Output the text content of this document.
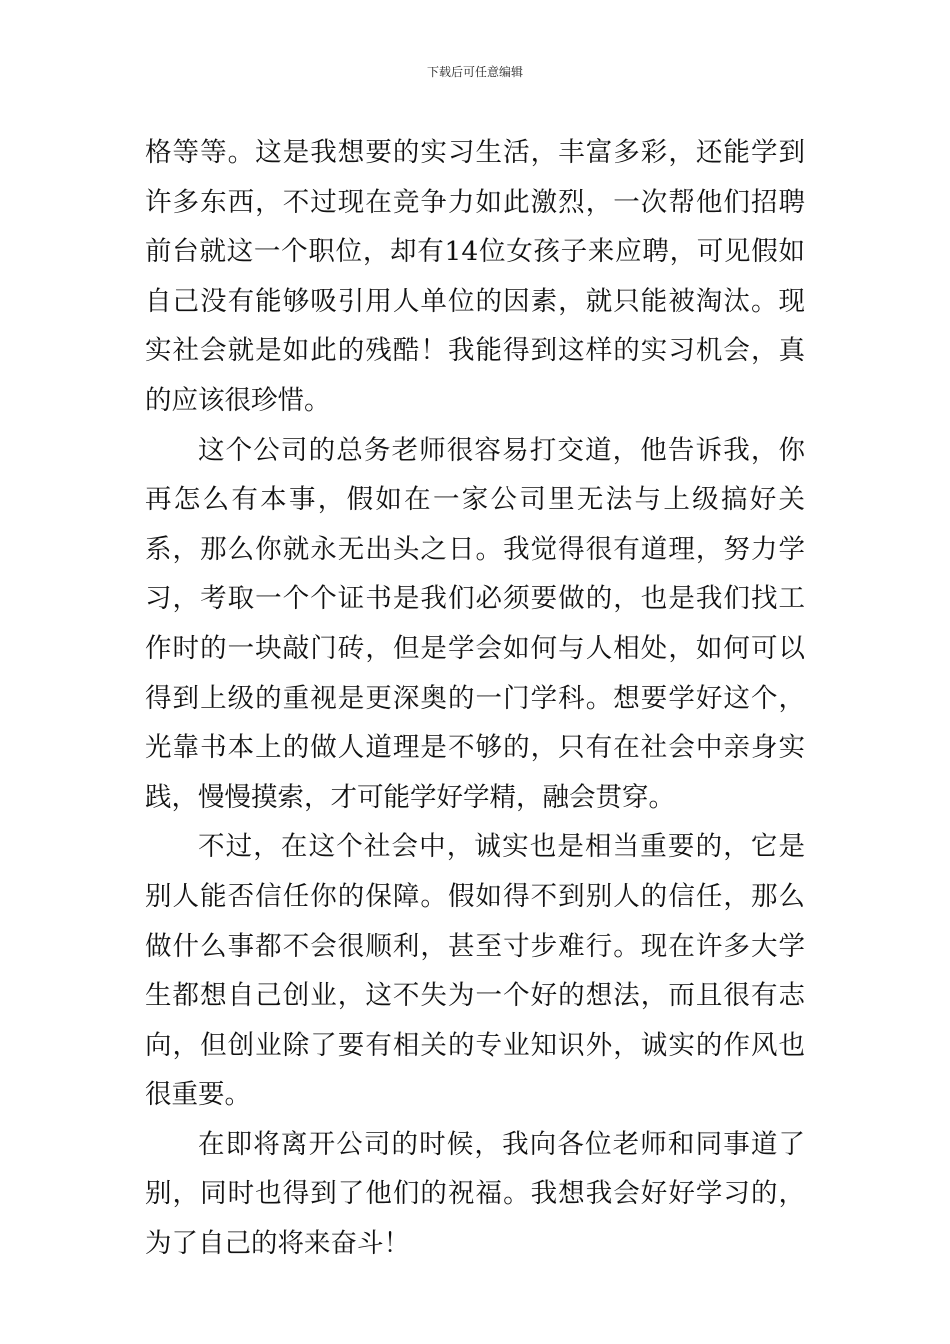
下载后可任意编辑

格等等。这是我想要的实习生活，丰富多彩，还能学到许多东西，不过现在竞争力如此激烈，一次帮他们招聘前台就这一个职位，却有14位女孩子来应聘，可见假如自己没有能够吸引用人单位的因素，就只能被淘汰。现实社会就是如此的残酷！我能得到这样的实习机会，真的应该很珍惜。

这个公司的总务老师很容易打交道，他告诉我，你再怎么有本事，假如在一家公司里无法与上级搞好关系，那么你就永无出头之日。我觉得很有道理，努力学习，考取一个个证书是我们必须要做的，也是我们找工作时的一块敲门砖，但是学会如何与人相处，如何可以得到上级的重视是更深奥的一门学科。想要学好这个，光靠书本上的做人道理是不够的，只有在社会中亲身实践，慢慢摸索，才可能学好学精，融会贯穿。

不过，在这个社会中，诚实也是相当重要的，它是别人能否信任你的保障。假如得不到别人的信任，那么做什么事都不会很顺利，甚至寸步难行。现在许多大学生都想自己创业，这不失为一个好的想法，而且很有志向，但创业除了要有相关的专业知识外，诚实的作风也很重要。

在即将离开公司的时候，我向各位老师和同事道了别，同时也得到了他们的祝福。我想我会好好学习的，为了自己的将来奋斗！
